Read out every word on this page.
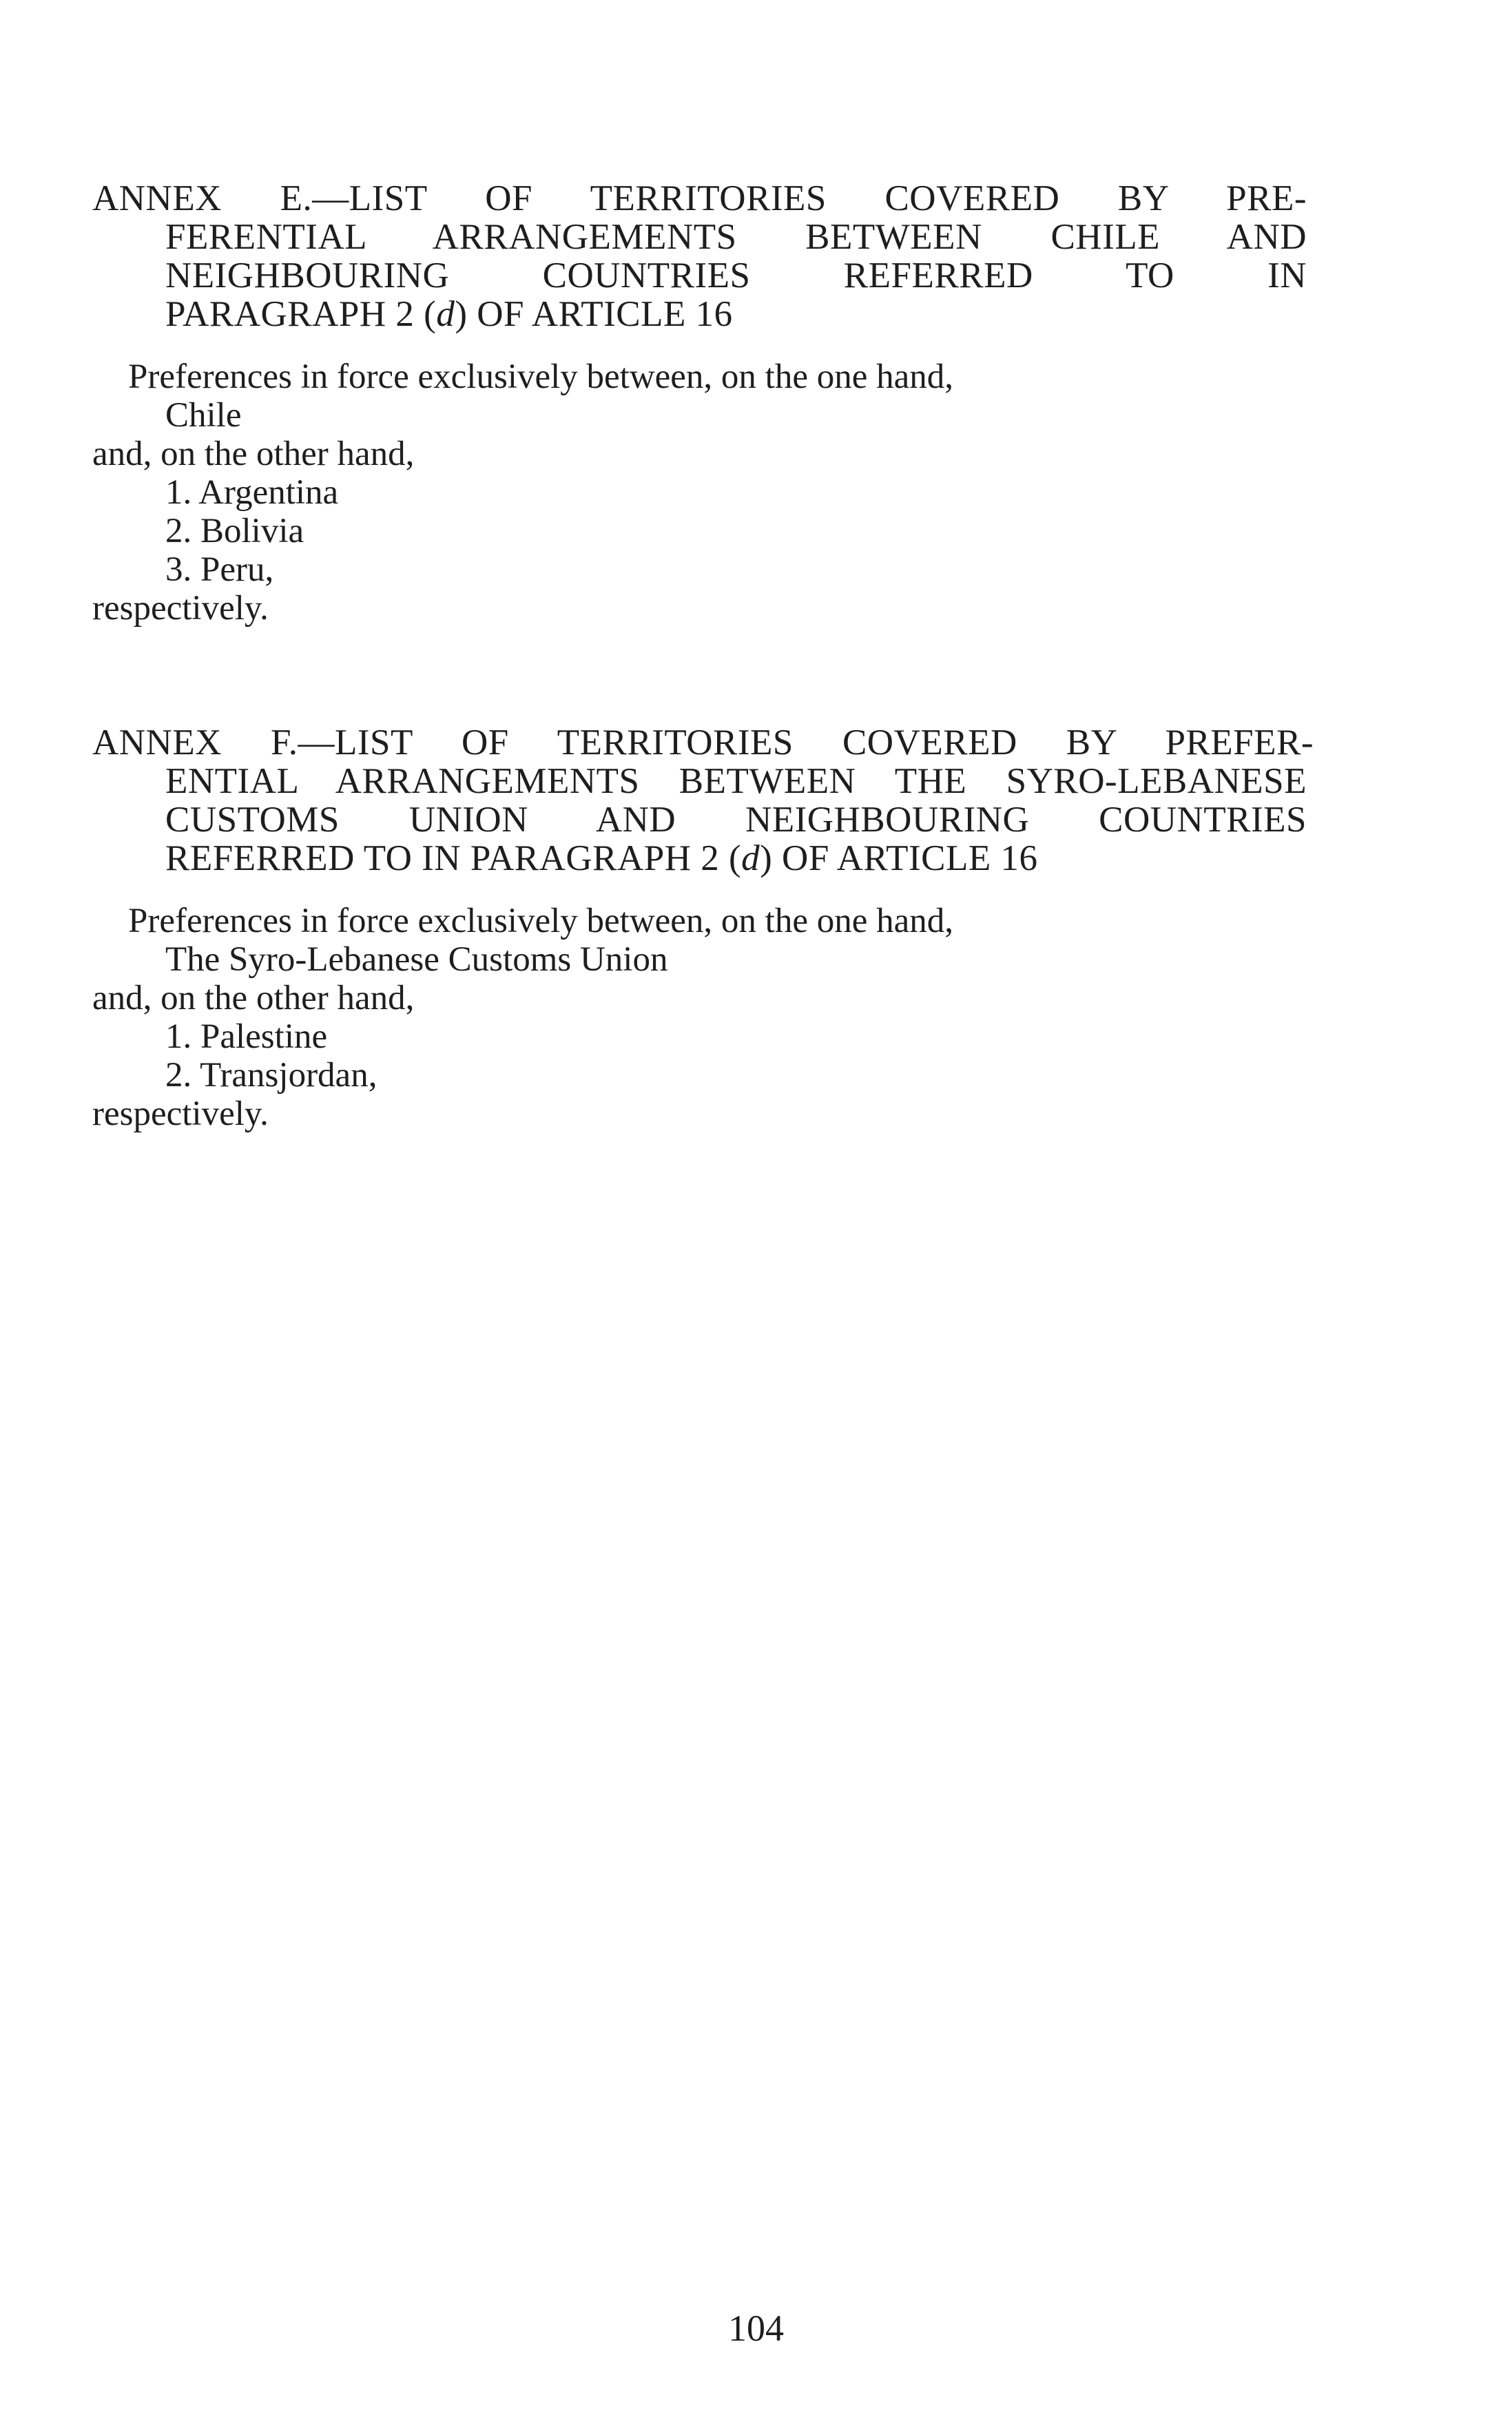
ANNEX E.—LIST OF TERRITORIES COVERED BY PRE-
FERENTIAL ARRANGEMENTS BETWEEN CHILE AND
NEIGHBOURING COUNTRIES REFERRED TO IN
PARAGRAPH 2 (d) OF ARTICLE 16
Preferences in force exclusively between, on the one hand,
Chile
and, on the other hand,
1. Argentina
2. Bolivia
3. Peru,
respectively.
ANNEX F.—LIST OF TERRITORIES COVERED BY PREFER-
ENTIAL ARRANGEMENTS BETWEEN THE SYRO-LEBANESE
CUSTOMS UNION AND NEIGHBOURING COUNTRIES
REFERRED TO IN PARAGRAPH 2 (d) OF ARTICLE 16
Preferences in force exclusively between, on the one hand,
The Syro-Lebanese Customs Union
and, on the other hand,
1. Palestine
2. Transjordan,
respectively.
104
